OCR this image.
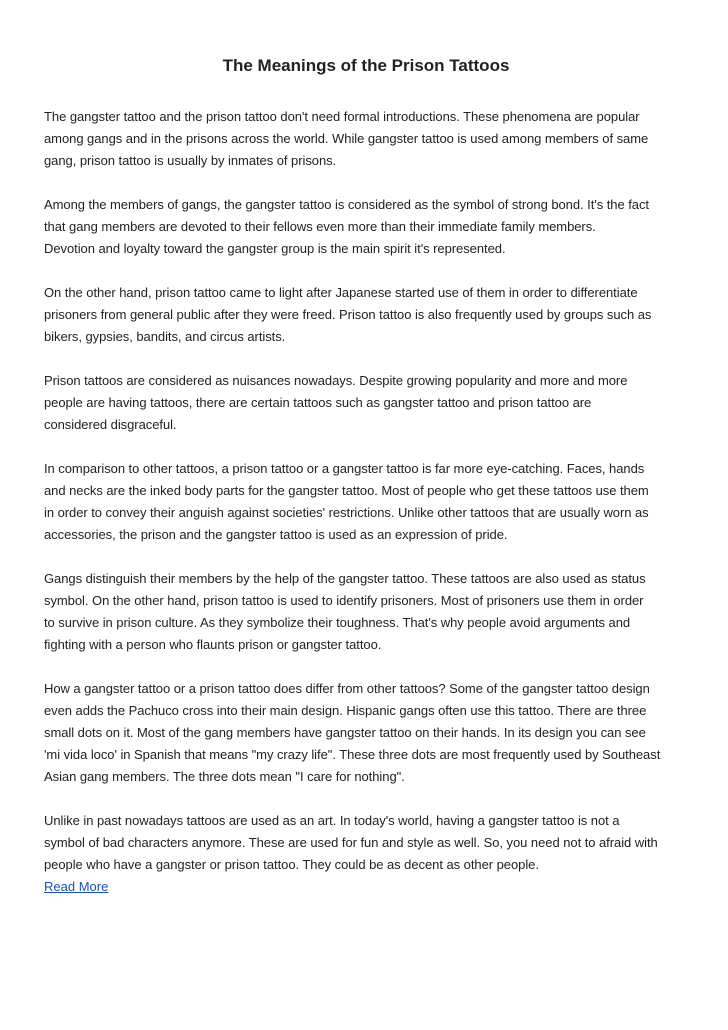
The Meanings of the Prison Tattoos

The gangster tattoo and the prison tattoo don't need formal introductions. These phenomena are popular
among gangs and in the prisons across the world. While gangster tattoo is used among members of same
gang, prison tattoo is usually by inmates of prisons.

Among the members of gangs, the gangster tattoo is considered as the symbol of strong bond. It's the fact
that gang members are devoted to their fellows even more than their immediate family members.
Devotion and loyalty toward the gangster group is the main spirit it's represented.

On the other hand, prison tattoo came to light after Japanese started use of them in order to differentiate
prisoners from general public after they were freed. Prison tattoo is also frequently used by groups such as
bikers, gypsies, bandits, and circus artists.

Prison tattoos are considered as nuisances nowadays. Despite growing popularity and more and more
people are having tattoos, there are certain tattoos such as gangster tattoo and prison tattoo are
considered disgraceful.

In comparison to other tattoos, a prison tattoo or a gangster tattoo is far more eye-catching. Faces, hands
and necks are the inked body parts for the gangster tattoo. Most of people who get these tattoos use them
in order to convey their anguish against societies' restrictions. Unlike other tattoos that are usually worn as
accessories, the prison and the gangster tattoo is used as an expression of pride.

Gangs distinguish their members by the help of the gangster tattoo. These tattoos are also used as status
symbol. On the other hand, prison tattoo is used to identify prisoners. Most of prisoners use them in order
to survive in prison culture. As they symbolize their toughness. That's why people avoid arguments and
fighting with a person who flaunts prison or gangster tattoo.

How a gangster tattoo or a prison tattoo does differ from other tattoos? Some of the gangster tattoo design
even adds the Pachuco cross into their main design. Hispanic gangs often use this tattoo. There are three
small dots on it. Most of the gang members have gangster tattoo on their hands. In its design you can see
'mi vida loco' in Spanish that means "my crazy life". These three dots are most frequently used by Southeast
Asian gang members. The three dots mean "I care for nothing".

Unlike in past nowadays tattoos are used as an art. In today's world, having a gangster tattoo is not a
symbol of bad characters anymore. These are used for fun and style as well. So, you need not to afraid with
people who have a gangster or prison tattoo. They could be as decent as other people.

Read More
